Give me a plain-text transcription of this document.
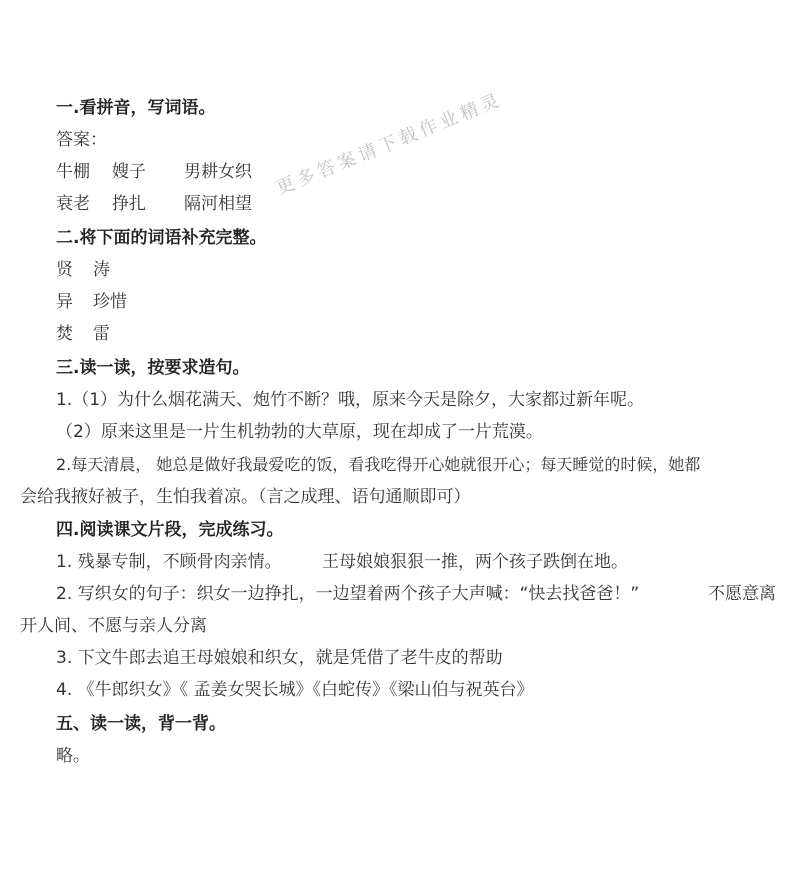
一.看拼音，写词语。
答案：
牛棚 嫂子 男耕女织
衰老 挣扎 隔河相望
二.将下面的词语补充完整。
贤 涛
异 珍惜
焚 雷
三.读一读，按要求造句。
1.（1）为什么烟花满天、炮竹不断？哦，原来今天是除夕，大家都过新年呢。
（2）原来这里是一片生机勃勃的大草原，现在却成了一片荒漠。
2.每天清晨， 她总是做好我最爱吃的饭，看我吃得开心她就很开心；每天睡觉的时候，她都
会给我掖好被子，生怕我着凉。（言之成理、语句通顺即可）
四.阅读课文片段，完成练习。
1. 残暴专制，不顾骨肉亲情。 王母娘娘狠狠一推，两个孩子跌倒在地。
2. 写织女的句子：织女一边挣扎，一边望着两个孩子大声喊：“快去找爸爸！”	不愿意离
开人间、不愿与亲人分离
3. 下文牛郎去追王母娘娘和织女，就是凭借了老牛皮的帮助
4. 《牛郎织女》《 孟姜女哭长城》《白蛇传》《梁山伯与祝英台》
五、读一读，背一背。
略。
更多答案请下载作业精灵
